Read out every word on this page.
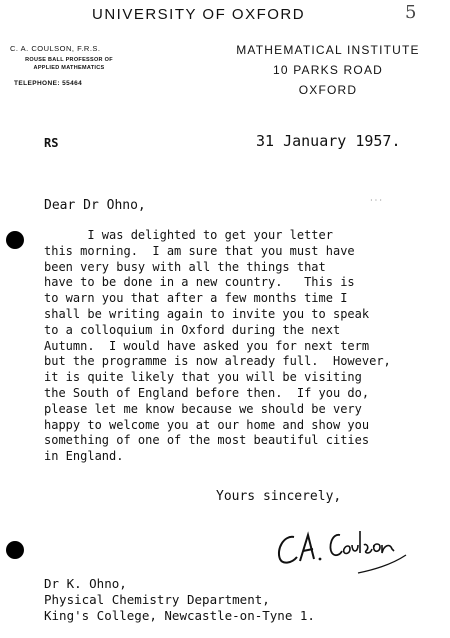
UNIVERSITY OF OXFORD	5
C. A. COULSON, F.R.S.
ROUSE BALL PROFESSOR OF
APPLIED MATHEMATICS
TELEPHONE: 55464
MATHEMATICAL INSTITUTE
10 PARKS ROAD
OXFORD
RS	31 January 1957.
· · ·
Dear Dr Ohno,
I was delighted to get your letter
this morning.  I am sure that you must have
been very busy with all the things that
have to be done in a new country.   This is
to warn you that after a few months time I
shall be writing again to invite you to speak
to a colloquium in Oxford during the next
Autumn.  I would have asked you for next term
but the programme is now already full.  However,
it is quite likely that you will be visiting
the South of England before then.  If you do,
please let me know because we should be very
happy to welcome you at our home and show you
something of one of the most beautiful cities
in England.
Yours sincerely,
Dr K. Ohno,
Physical Chemistry Department,
King's College, Newcastle-on-Tyne 1.
